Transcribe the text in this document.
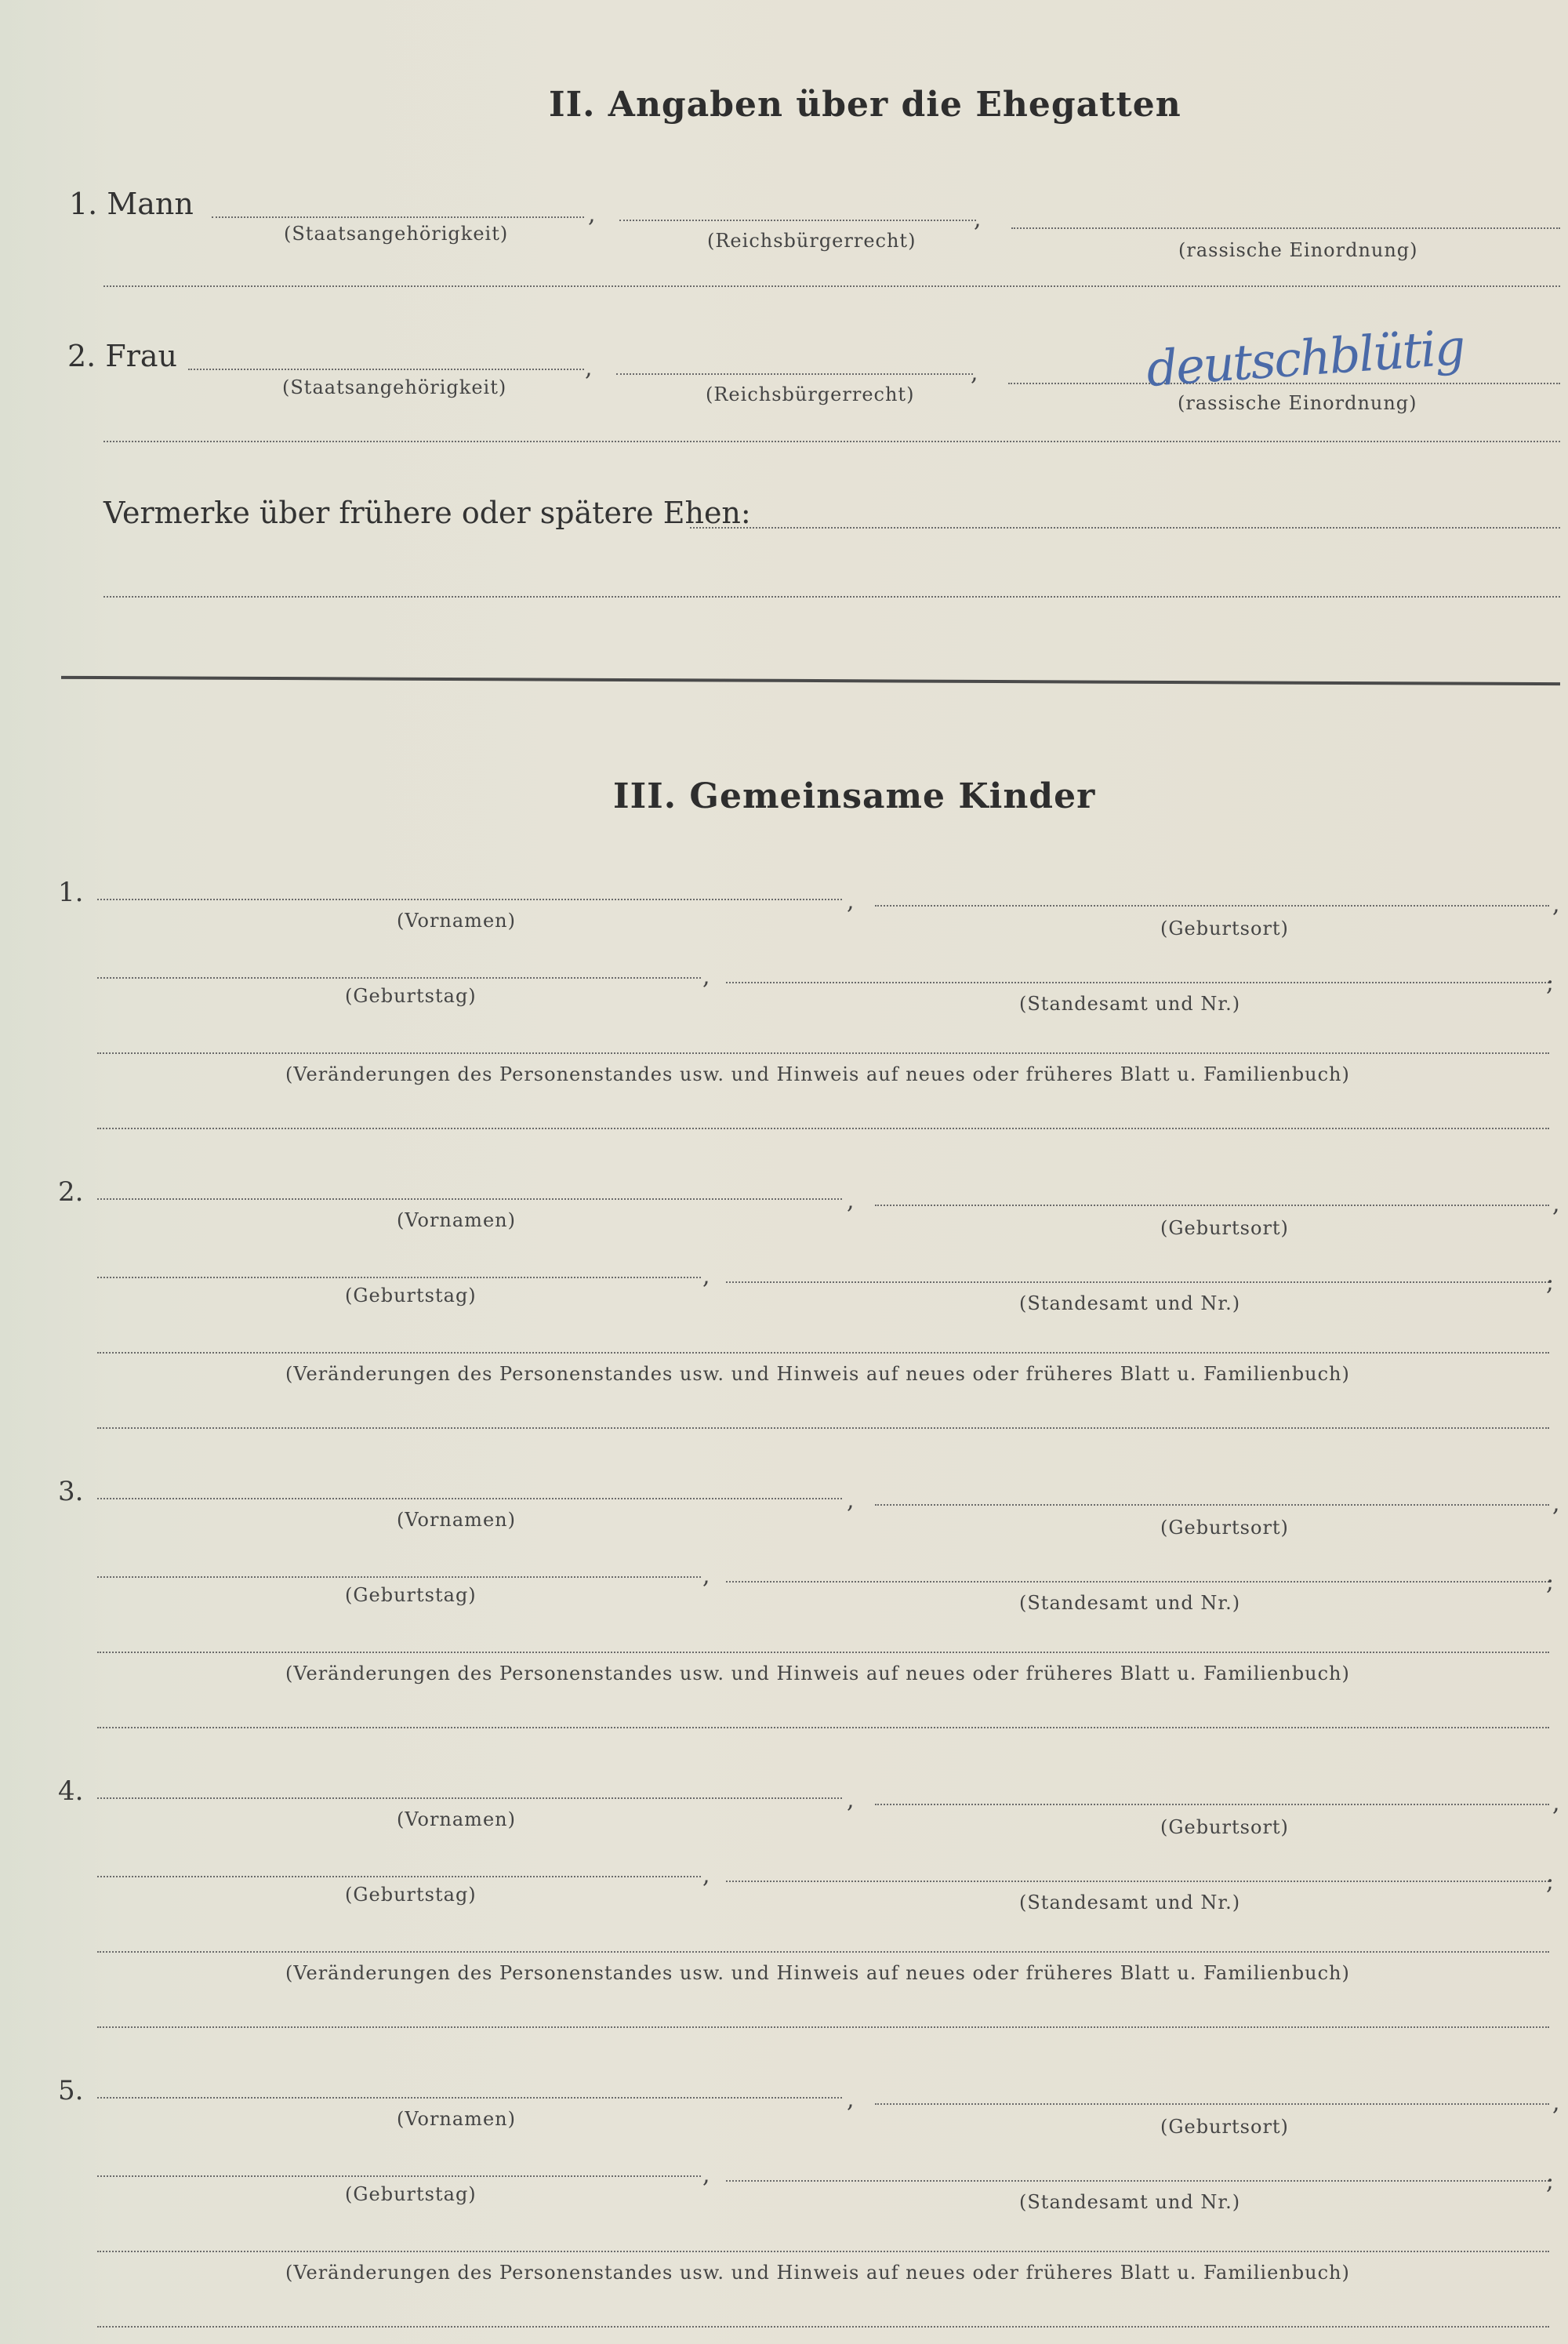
II. Angaben über die Ehegatten
1. Mann	,	,
(Staatsangehörigkeit)	(Reichsbürgerrecht)	(rassische Einordnung)
2. Frau	,	,	deutschblütig
(Staatsangehörigkeit)	(Reichsbürgerrecht)	(rassische Einordnung)
Vermerke über frühere oder spätere Ehen:
III. Gemeinsame Kinder
1.	,	,
(Vornamen)	(Geburtsort)
,	;
(Geburtstag)	(Standesamt und Nr.)
(Veränderungen des Personenstandes usw. und Hinweis auf neues oder früheres Blatt u. Familienbuch)
2.	,	,
(Vornamen)	(Geburtsort)
,	;
(Geburtstag)	(Standesamt und Nr.)
(Veränderungen des Personenstandes usw. und Hinweis auf neues oder früheres Blatt u. Familienbuch)
3.	,	,
(Vornamen)	(Geburtsort)
,	;
(Geburtstag)	(Standesamt und Nr.)
(Veränderungen des Personenstandes usw. und Hinweis auf neues oder früheres Blatt u. Familienbuch)
4.	,	,
(Vornamen)	(Geburtsort)
,	;
(Geburtstag)	(Standesamt und Nr.)
(Veränderungen des Personenstandes usw. und Hinweis auf neues oder früheres Blatt u. Familienbuch)
5.	,	,
(Vornamen)	(Geburtsort)
,	;
(Geburtstag)	(Standesamt und Nr.)
(Veränderungen des Personenstandes usw. und Hinweis auf neues oder früheres Blatt u. Familienbuch)
